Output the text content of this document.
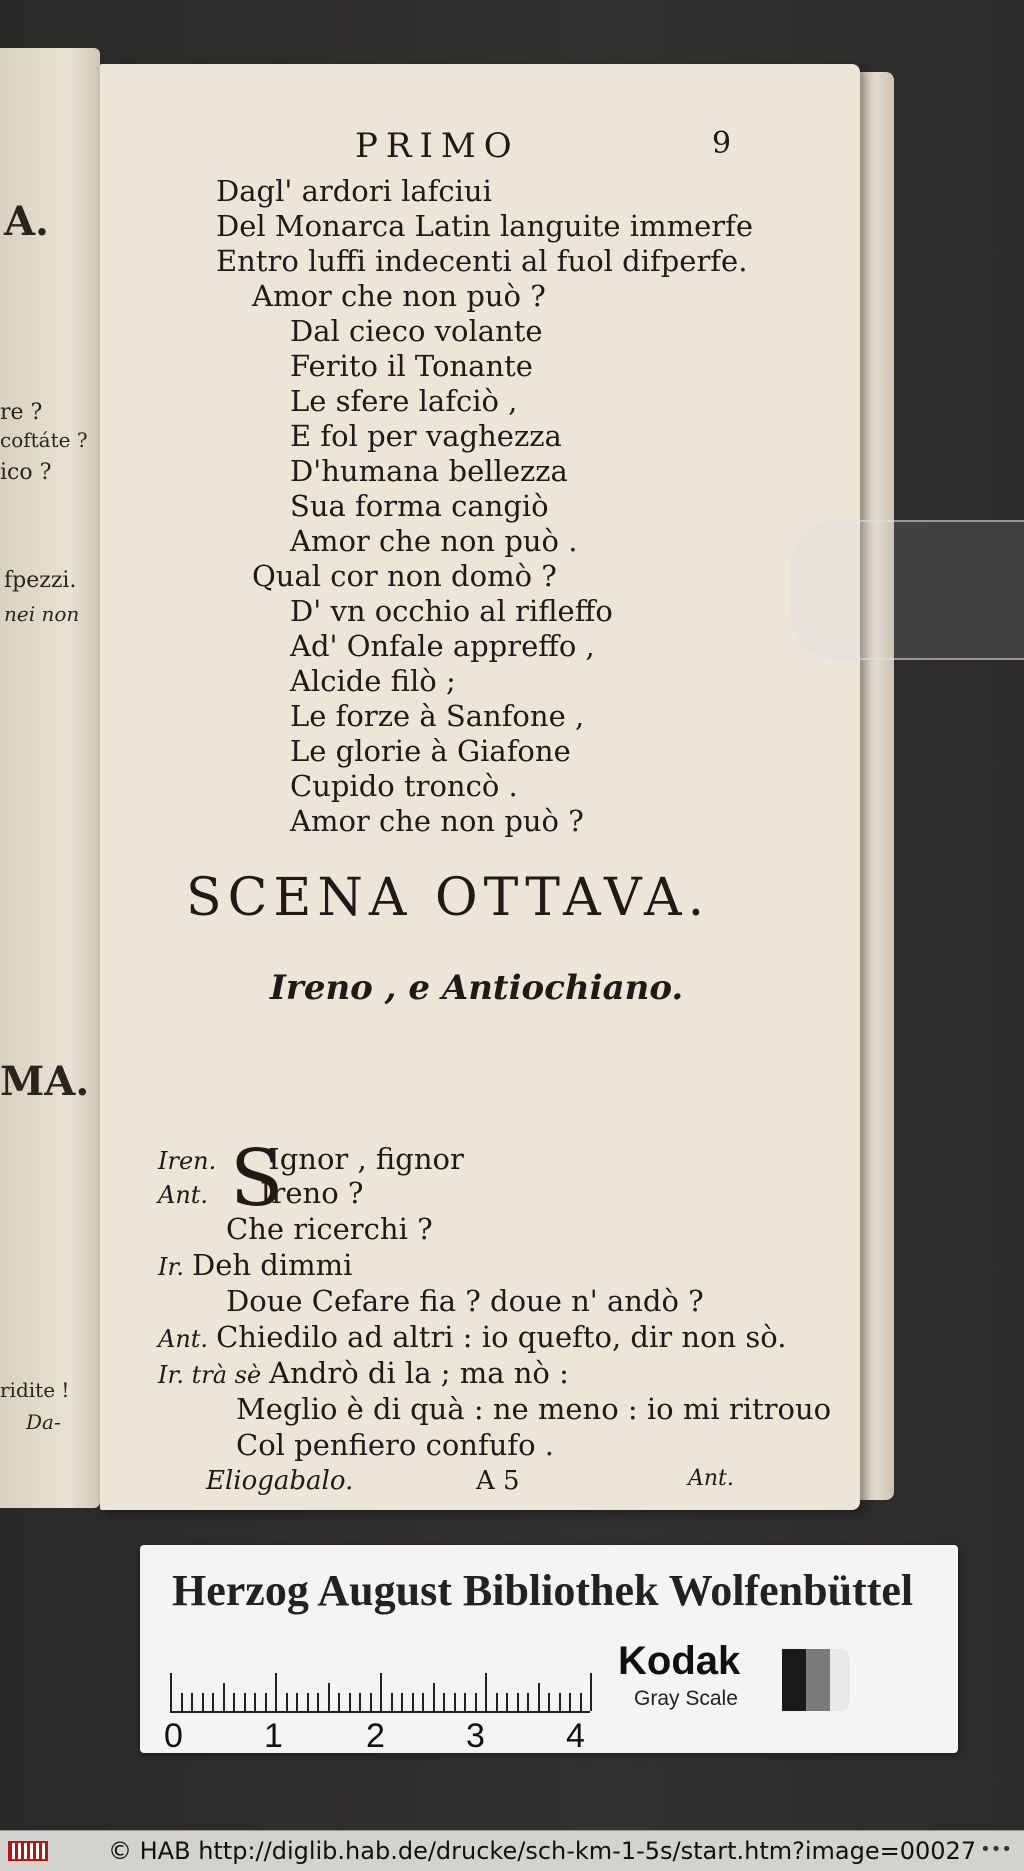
A.
re ?
coftáte ?
ico ?
fpezzi.
nei non
MA.
ridite !
Da-
PRIMO	9
Dagl' ardori lafciui
Del Monarca Latin languite immerfe
Entro luffi indecenti al fuol difperfe.
Amor che non può ?
Dal cieco volante
Ferito il Tonante
Le sfere lafciò ,
E fol per vaghezza
D'humana bellezza
Sua forma cangiò
Amor che non può .
Qual cor non domò ?
D' vn occhio al rifleffo
Ad' Onfale appreffo ,
Alcide filò ;
Le forze à Sanfone ,
Le glorie à Giafone
Cupido troncò .
Amor che non può ?
SCENA OTTAVA.
Ireno , e Antiochiano.
S
Iren. Ignor , fignor
Ant. Ireno ?
Che ricerchi ?
Ir. Deh dimmi
Doue Cefare fia ? doue n' andò ?
Ant. Chiedilo ad altri : io quefto, dir non sò.
Ir. trà sè Andrò di la ; ma nò :
Meglio è di quà : ne meno : io mi ritrouo
Col penfiero confufo .
Eliogabalo.	A 5	Ant.
Herzog August Bibliothek Wolfenbüttel
0 1 2 3 4
Kodak
Gray Scale
© HAB http://diglib.hab.de/drucke/sch-km-1-5s/start.htm?image=00027 •••
